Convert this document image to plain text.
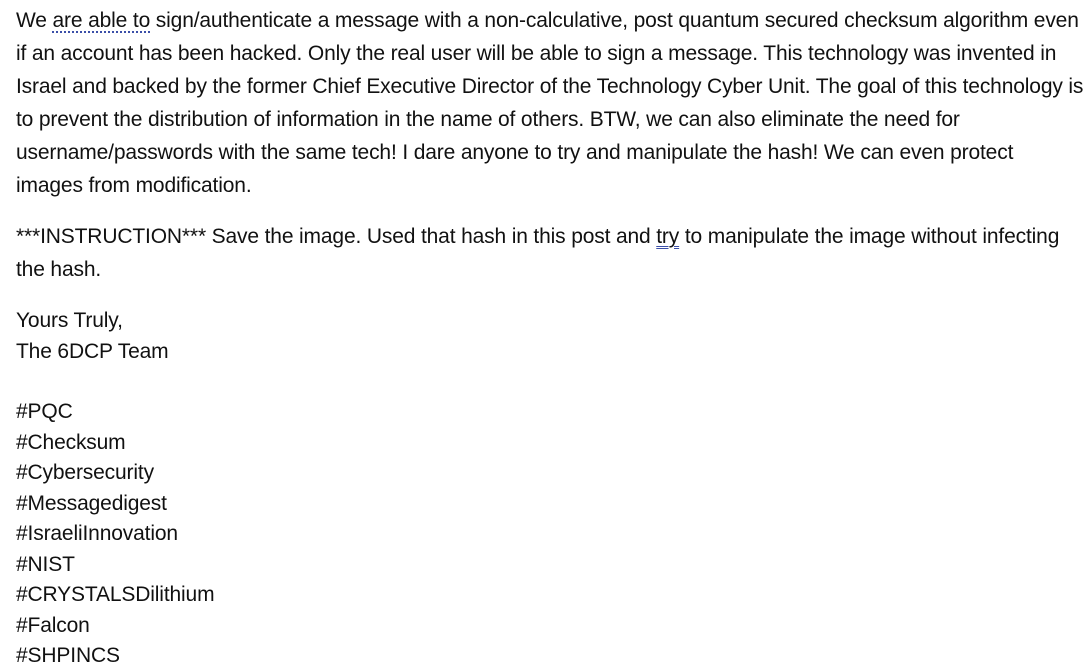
We are able to sign/authenticate a message with a non-calculative, post quantum secured checksum algorithm even if an account has been hacked. Only the real user will be able to sign a message. This technology was invented in Israel and backed by the former Chief Executive Director of the Technology Cyber Unit. The goal of this technology is to prevent the distribution of information in the name of others. BTW, we can also eliminate the need for username/passwords with the same tech! I dare anyone to try and manipulate the hash! We can even protect images from modification.

***INSTRUCTION*** Save the image. Used that hash in this post and try to manipulate the image without infecting the hash.

Yours Truly,

The 6DCP Team

#PQC

#Checksum

#Cybersecurity

#Messagedigest

#IsraeliInnovation

#NIST

#CRYSTALSDilithium

#Falcon

#SHPINCS
